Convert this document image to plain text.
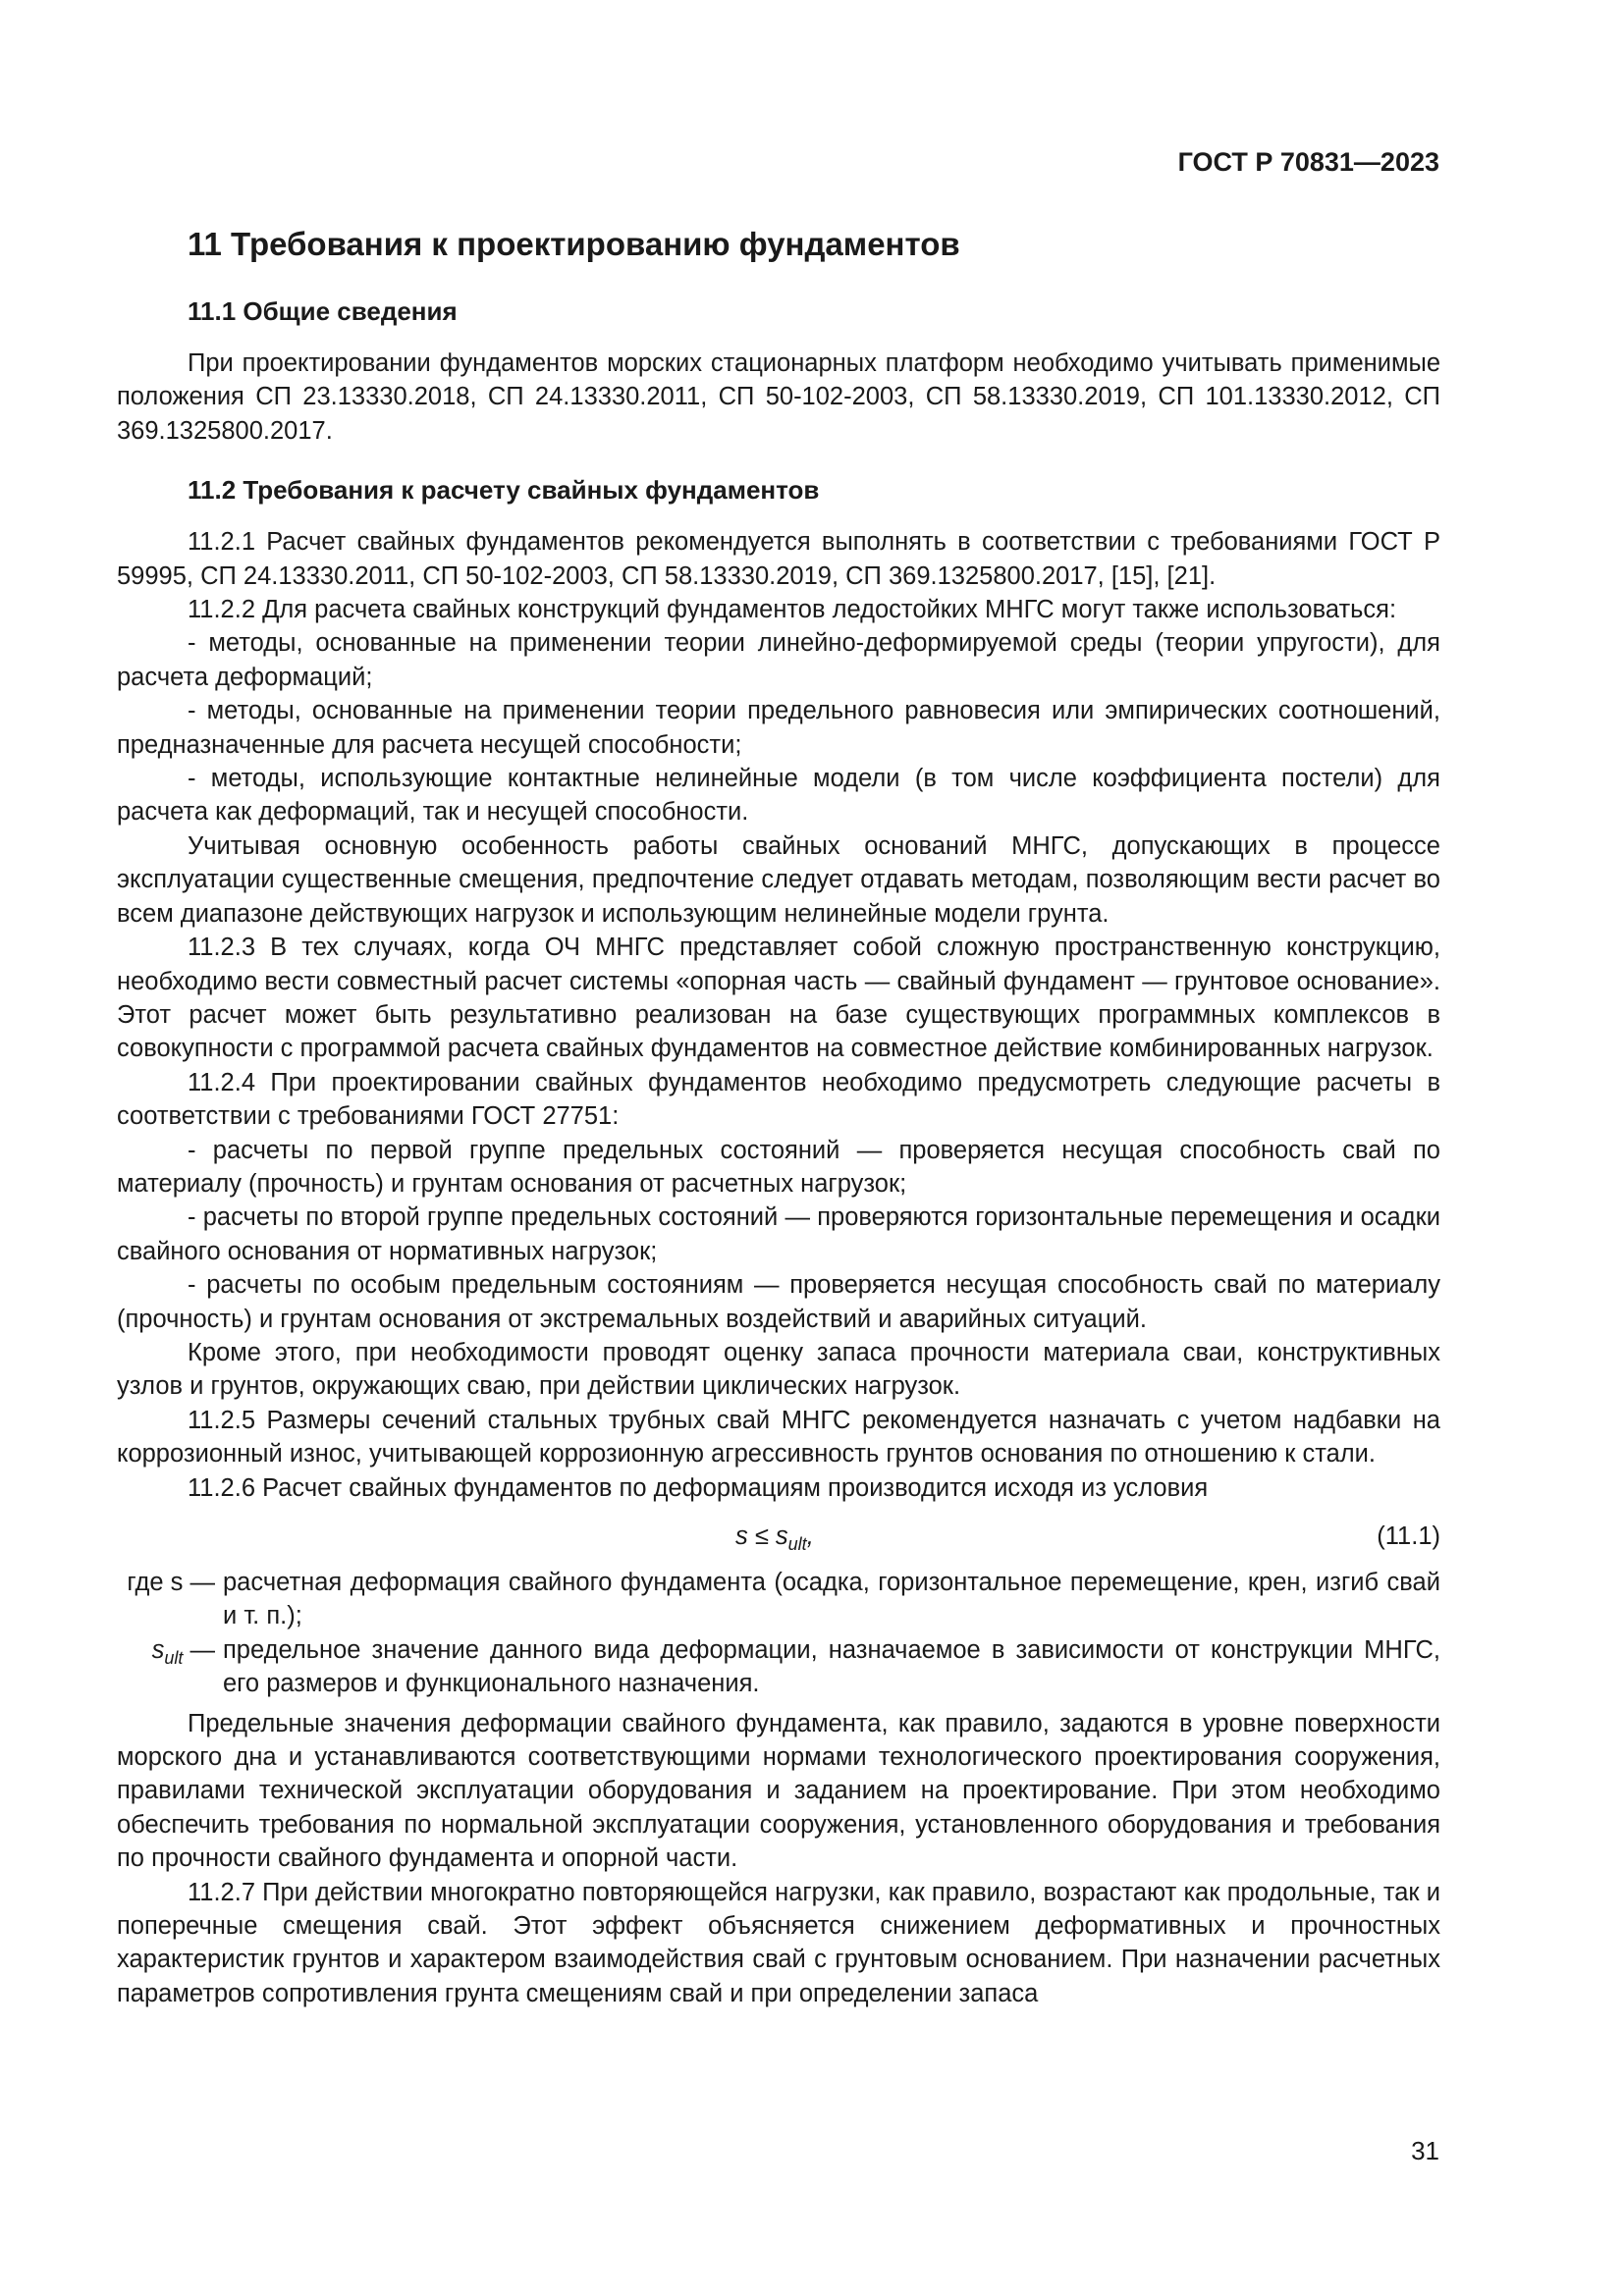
ГОСТ Р 70831—2023
11 Требования к проектированию фундаментов
11.1 Общие сведения

При проектировании фундаментов морских стационарных платформ необходимо учитывать применимые положения СП 23.13330.2018, СП 24.13330.2011, СП 50-102-2003, СП 58.13330.2019, СП 101.13330.2012, СП 369.1325800.2017.

11.2 Требования к расчету свайных фундаментов

11.2.1 Расчет свайных фундаментов рекомендуется выполнять в соответствии с требованиями ГОСТ Р 59995, СП 24.13330.2011, СП 50-102-2003, СП 58.13330.2019, СП 369.1325800.2017, [15], [21].

11.2.2 Для расчета свайных конструкций фундаментов ледостойких МНГС могут также использоваться:

- методы, основанные на применении теории линейно-деформируемой среды (теории упругости), для расчета деформаций;

- методы, основанные на применении теории предельного равновесия или эмпирических соотношений, предназначенные для расчета несущей способности;

- методы, использующие контактные нелинейные модели (в том числе коэффициента постели) для расчета как деформаций, так и несущей способности.

Учитывая основную особенность работы свайных оснований МНГС, допускающих в процессе эксплуатации существенные смещения, предпочтение следует отдавать методам, позволяющим вести расчет во всем диапазоне действующих нагрузок и использующим нелинейные модели грунта.

11.2.3 В тех случаях, когда ОЧ МНГС представляет собой сложную пространственную конструкцию, необходимо вести совместный расчет системы «опорная часть — свайный фундамент — грунтовое основание». Этот расчет может быть результативно реализован на базе существующих программных комплексов в совокупности с программой расчета свайных фундаментов на совместное действие комбинированных нагрузок.

11.2.4 При проектировании свайных фундаментов необходимо предусмотреть следующие расчеты в соответствии с требованиями ГОСТ 27751:

- расчеты по первой группе предельных состояний — проверяется несущая способность свай по материалу (прочность) и грунтам основания от расчетных нагрузок;

- расчеты по второй группе предельных состояний — проверяются горизонтальные перемещения и осадки свайного основания от нормативных нагрузок;

- расчеты по особым предельным состояниям — проверяется несущая способность свай по материалу (прочность) и грунтам основания от экстремальных воздействий и аварийных ситуаций.

Кроме этого, при необходимости проводят оценку запаса прочности материала сваи, конструктивных узлов и грунтов, окружающих сваю, при действии циклических нагрузок.

11.2.5 Размеры сечений стальных трубных свай МНГС рекомендуется назначать с учетом надбавки на коррозионный износ, учитывающей коррозионную агрессивность грунтов основания по отношению к стали.

11.2.6 Расчет свайных фундаментов по деформациям производится исходя из условия

$s \le s_{ult}$,	(11.1)
где s — расчетная деформация свайного фундамента (осадка, горизонтальное перемещение, крен, изгиб свай и т. п.);
$s_{ult}$ — предельное значение данного вида деформации, назначаемое в зависимости от конструкции МНГС, его размеров и функционального назначения.

Предельные значения деформации свайного фундамента, как правило, задаются в уровне поверхности морского дна и устанавливаются соответствующими нормами технологического проектирования сооружения, правилами технической эксплуатации оборудования и заданием на проектирование. При этом необходимо обеспечить требования по нормальной эксплуатации сооружения, установленного оборудования и требования по прочности свайного фундамента и опорной части.

11.2.7 При действии многократно повторяющейся нагрузки, как правило, возрастают как продольные, так и поперечные смещения свай. Этот эффект объясняется снижением деформативных и прочностных характеристик грунтов и характером взаимодействия свай с грунтовым основанием. При назначении расчетных параметров сопротивления грунта смещениям свай и при определении запаса

31
